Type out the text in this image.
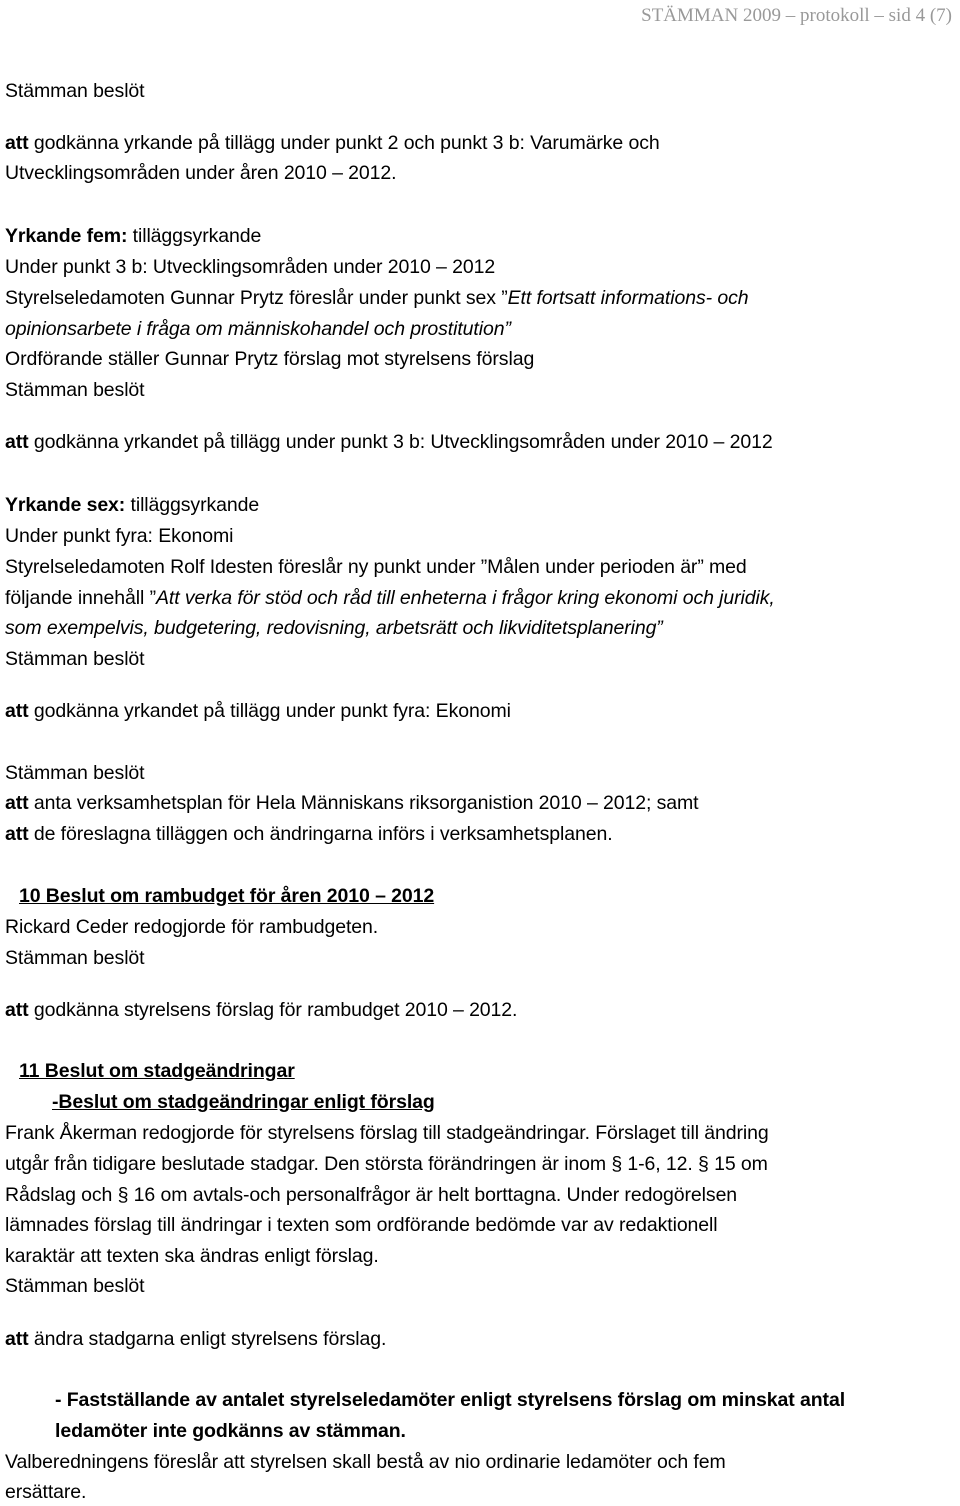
STÄMMAN 2009 – protokoll – sid 4 (7)
Stämman beslöt
att godkänna yrkande på tillägg under punkt 2 och punkt 3 b: Varumärke och
Utvecklingsområden under åren 2010 – 2012.
Yrkande fem: tilläggsyrkande
Under punkt 3 b: Utvecklingsområden under 2010 – 2012
Styrelseledamoten Gunnar Prytz föreslår under punkt sex ”Ett fortsatt informations- och
opinionsarbete i fråga om människohandel och prostitution”
Ordförande ställer Gunnar Prytz förslag mot styrelsens förslag
Stämman beslöt
att godkänna yrkandet på tillägg under punkt 3 b: Utvecklingsområden under 2010 – 2012
Yrkande sex: tilläggsyrkande
Under punkt fyra: Ekonomi
Styrelseledamoten Rolf Idesten föreslår ny punkt under ”Målen under perioden är” med
följande innehåll ”Att verka för stöd och råd till enheterna i frågor kring ekonomi och juridik,
som exempelvis, budgetering, redovisning, arbetsrätt och likviditetsplanering”
Stämman beslöt
att godkänna yrkandet på tillägg under punkt fyra: Ekonomi
Stämman beslöt
att anta verksamhetsplan för Hela Människans riksorganistion 2010 – 2012; samt
att de föreslagna tilläggen och ändringarna införs i verksamhetsplanen.
10 Beslut om rambudget för åren 2010 – 2012
Rickard Ceder redogjorde för rambudgeten.
Stämman beslöt
att godkänna styrelsens förslag för rambudget 2010 – 2012.
11 Beslut om stadgeändringar
-Beslut om stadgeändringar enligt förslag
Frank Åkerman redogjorde för styrelsens förslag till stadgeändringar. Förslaget till ändring
utgår från tidigare beslutade stadgar. Den största förändringen är inom § 1-6, 12. § 15 om
Rådslag och § 16 om avtals-och personalfrågor är helt borttagna. Under redogörelsen
lämnades förslag till ändringar i texten som ordförande bedömde var av redaktionell
karaktär att texten ska ändras enligt förslag.
Stämman beslöt
att ändra stadgarna enligt styrelsens förslag.
- Fastställande av antalet styrelseledamöter enligt styrelsens förslag om minskat antal
ledamöter inte godkänns av stämman.
Valberedningens föreslår att styrelsen skall bestå av nio ordinarie ledamöter och fem
ersättare.
